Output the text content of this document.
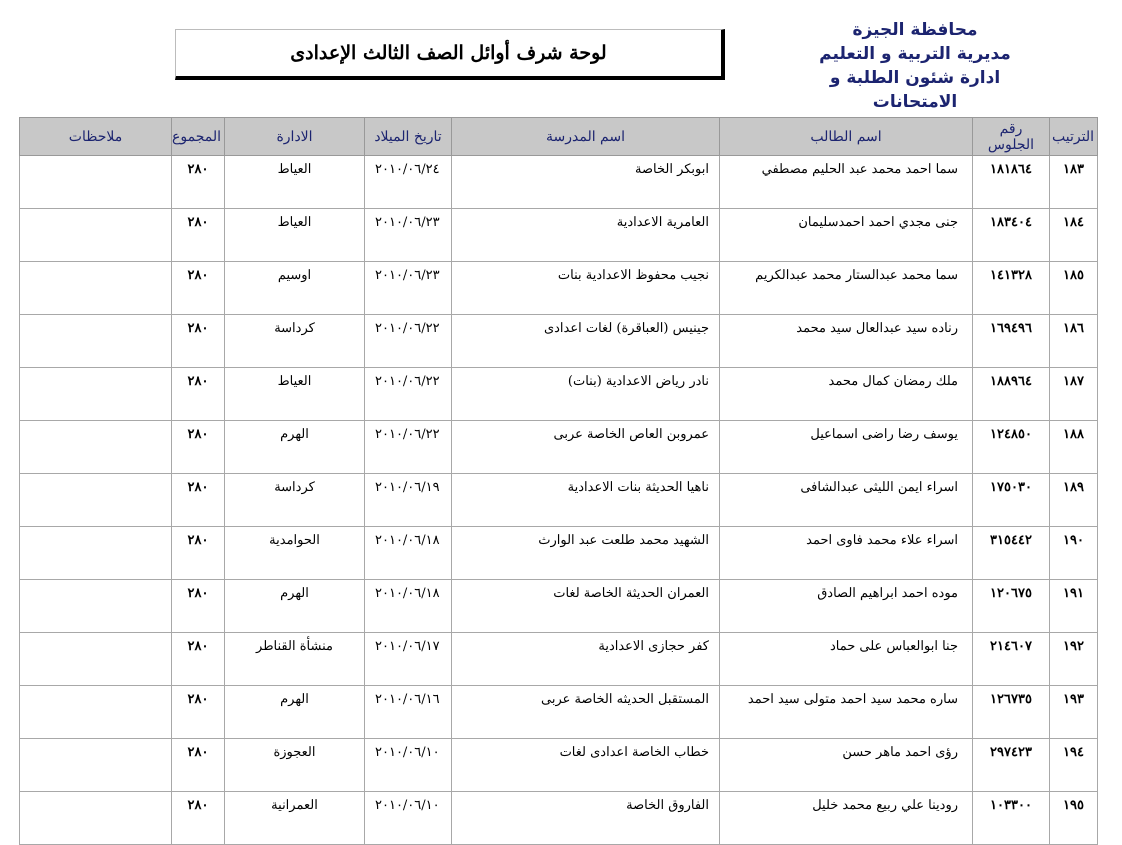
محافظة الجيزة
مديرية التربية و التعليم
ادارة شئون الطلبة و الامتحانات
لوحة شرف أوائل الصف الثالث الإعدادى
الترتيب	رقم الجلوس	اسم الطالب	اسم المدرسة	تاريخ الميلاد	الادارة	المجموع	ملاحظات
١٨٣	١٨١٨٦٤	سما احمد محمد عبد الحليم مصطفي	ابوبكر الخاصة	٢٠١٠/٠٦/٢٤	العياط	٢٨٠	
١٨٤	١٨٣٤٠٤	جنى مجدي احمد احمدسليمان	العامرية الاعدادية	٢٠١٠/٠٦/٢٣	العياط	٢٨٠	
١٨٥	١٤١٣٢٨	سما محمد عبدالستار محمد عبدالكريم	نجيب محفوظ الاعدادية بنات	٢٠١٠/٠٦/٢٣	اوسيم	٢٨٠	
١٨٦	١٦٩٤٩٦	رناده سيد عبدالعال سيد محمد	جينيس (العباقرة) لغات اعدادى	٢٠١٠/٠٦/٢٢	كرداسة	٢٨٠	
١٨٧	١٨٨٩٦٤	ملك رمضان كمال محمد	نادر رياض الاعدادية (بنات)	٢٠١٠/٠٦/٢٢	العياط	٢٨٠	
١٨٨	١٢٤٨٥٠	يوسف رضا راضى اسماعيل	عمروبن العاص الخاصة عربى	٢٠١٠/٠٦/٢٢	الهرم	٢٨٠	
١٨٩	١٧٥٠٣٠	اسراء ايمن الليثى عبدالشافى	ناهيا الحديثة بنات الاعدادية	٢٠١٠/٠٦/١٩	كرداسة	٢٨٠	
١٩٠	٣١٥٤٤٢	اسراء علاء محمد فاوى احمد	الشهيد محمد طلعت عبد الوارث	٢٠١٠/٠٦/١٨	الحوامدية	٢٨٠	
١٩١	١٢٠٦٧٥	موده احمد ابراهيم الصادق	العمران الحديثة الخاصة لغات	٢٠١٠/٠٦/١٨	الهرم	٢٨٠	
١٩٢	٢١٤٦٠٧	جنا ابوالعباس على حماد	كفر حجازى الاعدادية	٢٠١٠/٠٦/١٧	منشأة القناطر	٢٨٠	
١٩٣	١٢٦٧٣٥	ساره محمد سيد احمد متولى سيد احمد	المستقبل الحديثه الخاصة عربى	٢٠١٠/٠٦/١٦	الهرم	٢٨٠	
١٩٤	٢٩٧٤٢٣	رؤى احمد ماهر حسن	خطاب الخاصة اعدادى لغات	٢٠١٠/٠٦/١٠	العجوزة	٢٨٠	
١٩٥	١٠٣٣٠٠	رودينا علي ربيع محمد خليل	الفاروق الخاصة	٢٠١٠/٠٦/١٠	العمرانية	٢٨٠	
